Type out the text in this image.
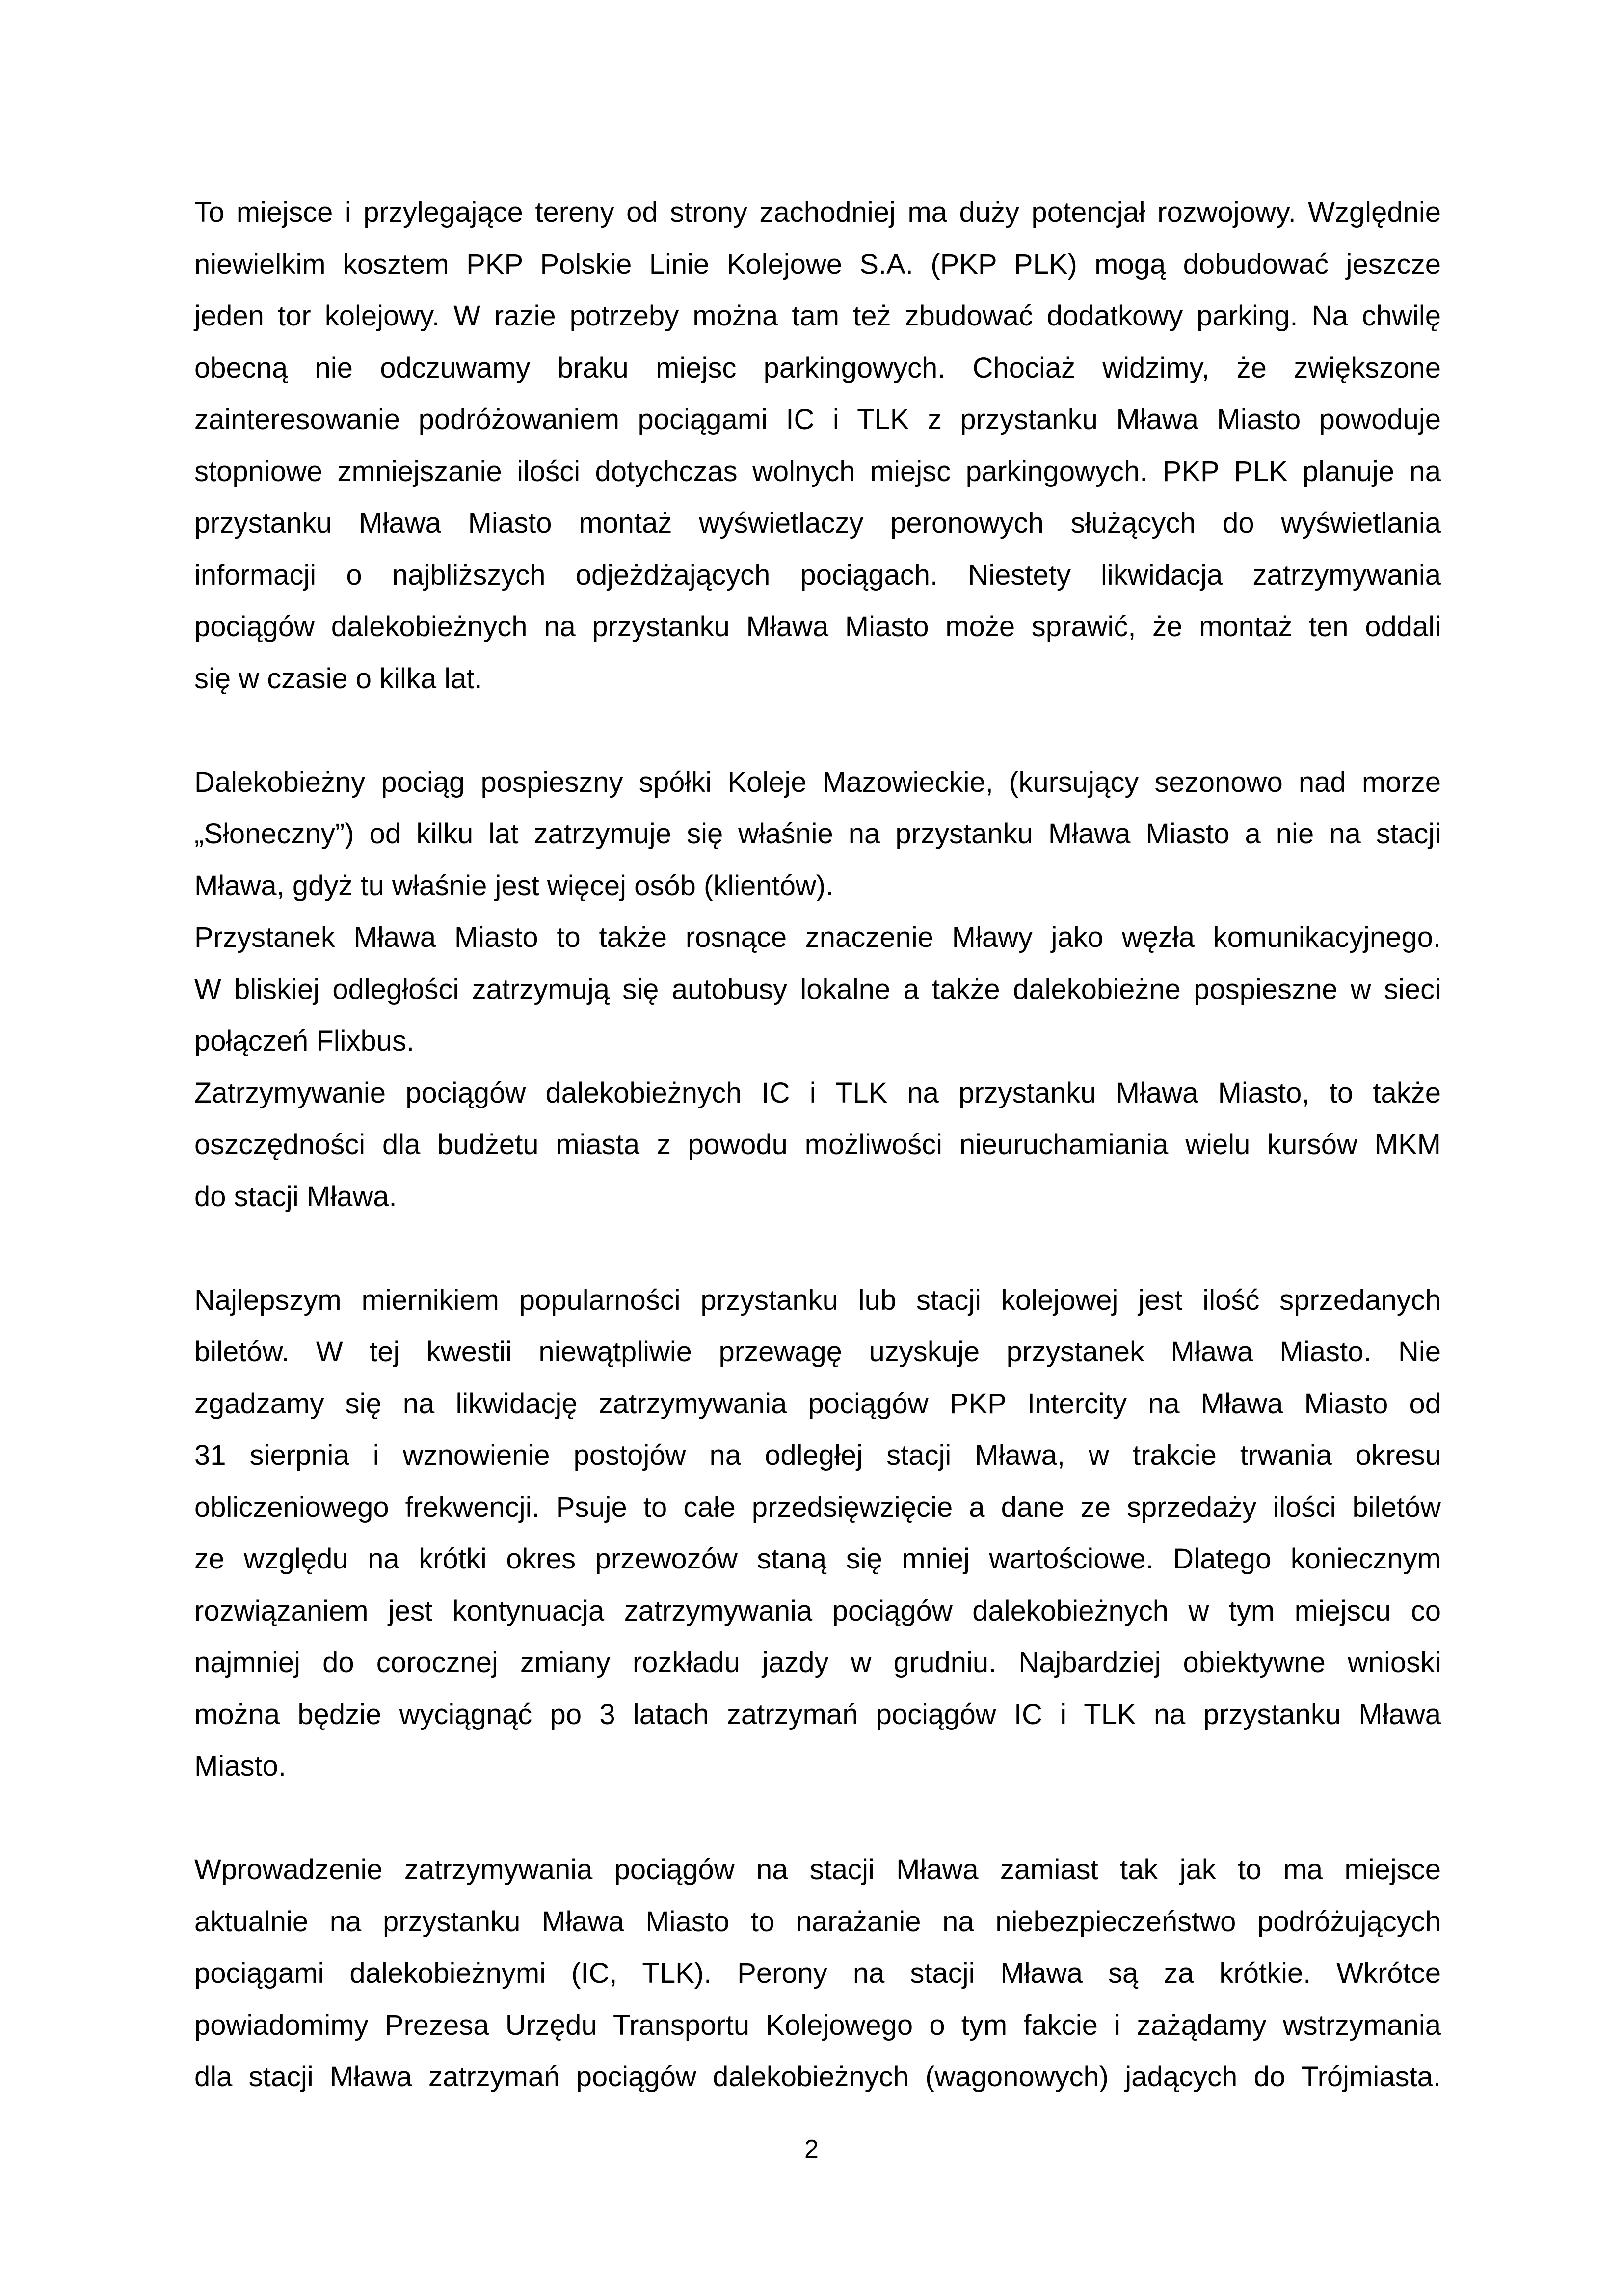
To miejsce i przylegające tereny od strony zachodniej ma duży potencjał rozwojowy. Względnie
niewielkim kosztem PKP Polskie Linie Kolejowe S.A. (PKP PLK) mogą dobudować jeszcze
jeden tor kolejowy. W razie potrzeby można tam też zbudować dodatkowy parking. Na chwilę
obecną nie odczuwamy braku miejsc parkingowych. Chociaż widzimy, że zwiększone
zainteresowanie podróżowaniem pociągami IC i TLK z przystanku Mława Miasto powoduje
stopniowe zmniejszanie ilości dotychczas wolnych miejsc parkingowych. PKP PLK planuje na
przystanku Mława Miasto montaż wyświetlaczy peronowych służących do wyświetlania
informacji o najbliższych odjeżdżających pociągach. Niestety likwidacja zatrzymywania
pociągów dalekobieżnych na przystanku Mława Miasto może sprawić, że montaż ten oddali
się w czasie o kilka lat.
Dalekobieżny pociąg pospieszny spółki Koleje Mazowieckie, (kursujący sezonowo nad morze
„Słoneczny”) od kilku lat zatrzymuje się właśnie na przystanku Mława Miasto a nie na stacji
Mława, gdyż tu właśnie jest więcej osób (klientów).
Przystanek Mława Miasto to także rosnące znaczenie Mławy jako węzła komunikacyjnego.
W bliskiej odległości zatrzymują się autobusy lokalne a także dalekobieżne pospieszne w sieci
połączeń Flixbus.
Zatrzymywanie pociągów dalekobieżnych IC i TLK na przystanku Mława Miasto, to także
oszczędności dla budżetu miasta z powodu możliwości nieuruchamiania wielu kursów MKM
do stacji Mława.
Najlepszym miernikiem popularności przystanku lub stacji kolejowej jest ilość sprzedanych
biletów. W tej kwestii niewątpliwie przewagę uzyskuje przystanek Mława Miasto. Nie
zgadzamy się na likwidację zatrzymywania pociągów PKP Intercity na Mława Miasto od
31 sierpnia i wznowienie postojów na odległej stacji Mława, w trakcie trwania okresu
obliczeniowego frekwencji. Psuje to całe przedsięwzięcie a dane ze sprzedaży ilości biletów
ze względu na krótki okres przewozów staną się mniej wartościowe. Dlatego koniecznym
rozwiązaniem jest kontynuacja zatrzymywania pociągów dalekobieżnych w tym miejscu co
najmniej do corocznej zmiany rozkładu jazdy w grudniu. Najbardziej obiektywne wnioski
można będzie wyciągnąć po 3 latach zatrzymań pociągów IC i TLK na przystanku Mława
Miasto.
Wprowadzenie zatrzymywania pociągów na stacji Mława zamiast tak jak to ma miejsce
aktualnie na przystanku Mława Miasto to narażanie na niebezpieczeństwo podróżujących
pociągami dalekobieżnymi (IC, TLK). Perony na stacji Mława są za krótkie. Wkrótce
powiadomimy Prezesa Urzędu Transportu Kolejowego o tym fakcie i zażądamy wstrzymania
dla stacji Mława zatrzymań pociągów dalekobieżnych (wagonowych) jadących do Trójmiasta.
2
